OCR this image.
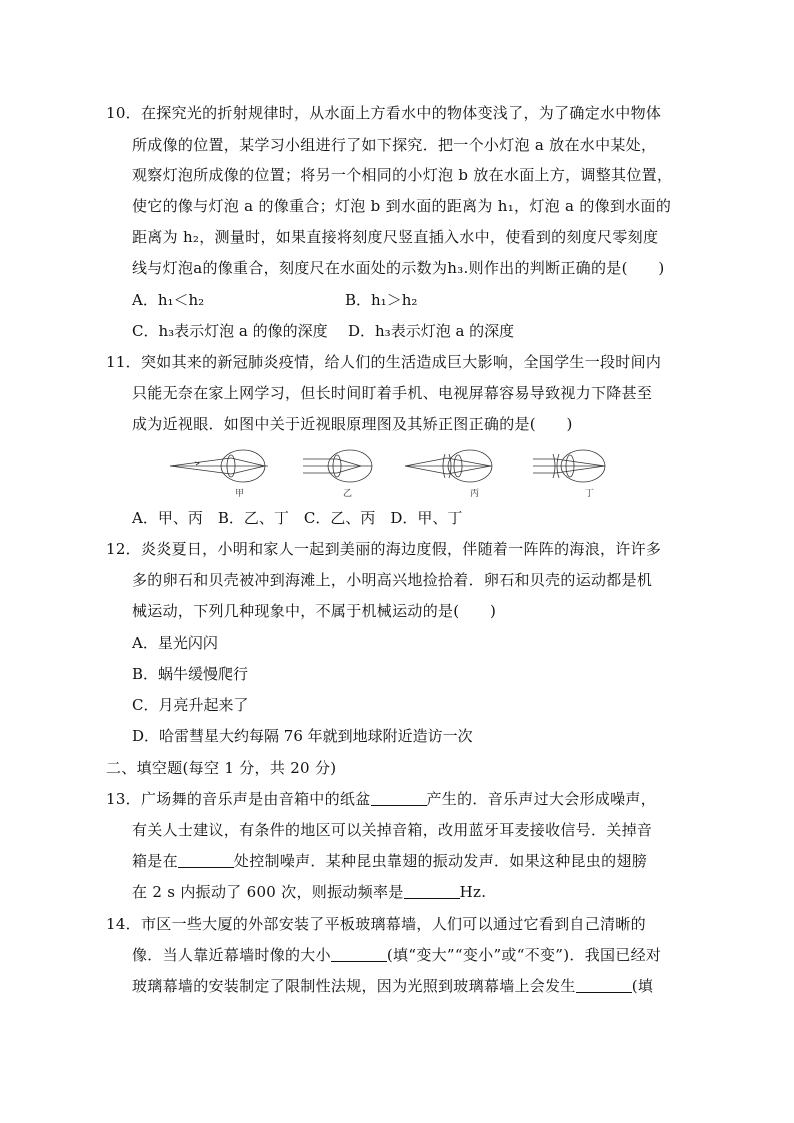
10．在探究光的折射规律时，从水面上方看水中的物体变浅了，为了确定水中物体
所成像的位置，某学习小组进行了如下探究．把一个小灯泡 a 放在水中某处，
观察灯泡所成像的位置；将另一个相同的小灯泡 b 放在水面上方，调整其位置，
使它的像与灯泡 a 的像重合；灯泡 b 到水面的距离为 h₁，灯泡 a 的像到水面的
距离为 h₂，测量时，如果直接将刻度尺竖直插入水中，使看到的刻度尺零刻度
线与灯泡a的像重合，刻度尺在水面处的示数为h₃.则作出的判断正确的是(　　)
A．h₁＜h₂	B．h₁＞h₂
C．h₃表示灯泡 a 的像的深度 D．h₃表示灯泡 a 的深度
11．突如其来的新冠肺炎疫情，给人们的生活造成巨大影响，全国学生一段时间内
只能无奈在家上网学习，但长时间盯着手机、电视屏幕容易导致视力下降甚至
成为近视眼．如图中关于近视眼原理图及其矫正图正确的是(　　)
甲	乙	丙	丁
A．甲、丙　B．乙、丁　C．乙、丙　D．甲、丁
12．炎炎夏日，小明和家人一起到美丽的海边度假，伴随着一阵阵的海浪，许许多
多的卵石和贝壳被冲到海滩上，小明高兴地捡拾着．卵石和贝壳的运动都是机
械运动，下列几种现象中，不属于机械运动的是(　　)
A．星光闪闪
B．蜗牛缓慢爬行
C．月亮升起来了
D．哈雷彗星大约每隔 76 年就到地球附近造访一次
二、填空题(每空 1 分，共 20 分)
13．广场舞的音乐声是由音箱中的纸盆	产生的．音乐声过大会形成噪声，
有关人士建议，有条件的地区可以关掉音箱，改用蓝牙耳麦接收信号．关掉音
箱是在	处控制噪声．某种昆虫靠翅的振动发声．如果这种昆虫的翅膀
在 2 s 内振动了 600 次，则振动频率是	Hz.
14．市区一些大厦的外部安装了平板玻璃幕墙，人们可以通过它看到自己清晰的
像．当人靠近幕墙时像的大小	(填“变大”“变小”或“不变”)．我国已经对
玻璃幕墙的安装制定了限制性法规，因为光照到玻璃幕墙上会发生	(填
